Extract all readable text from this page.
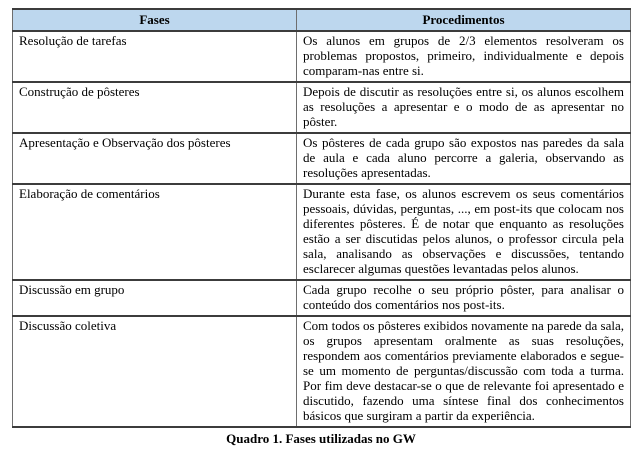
Fases	Procedimentos
Resolução de tarefas	Os alunos em grupos de 2/3 elementos resolveram os problemas propostos, primeiro, individualmente e depois comparam-nas entre si.
Construção de pôsteres	Depois de discutir as resoluções entre si, os alunos escolhem as resoluções a apresentar e o modo de as apresentar no pôster.
Apresentação e Observação dos pôsteres	Os pôsteres de cada grupo são expostos nas paredes da sala de aula e cada aluno percorre a galeria, observando as resoluções apresentadas.
Elaboração de comentários	Durante esta fase, os alunos escrevem os seus comentários pessoais, dúvidas, perguntas, ..., em post-its que colocam nos diferentes pôsteres. É de notar que enquanto as resoluções estão a ser discutidas pelos alunos, o professor circula pela sala, analisando as observações e discussões, tentando esclarecer algumas questões levantadas pelos alunos.
Discussão em grupo	Cada grupo recolhe o seu próprio pôster, para analisar o conteúdo dos comentários nos post-its.
Discussão coletiva	Com todos os pôsteres exibidos novamente na parede da sala, os grupos apresentam oralmente as suas resoluções, respondem aos comentários previamente elaborados e segue-se um momento de perguntas/discussão com toda a turma. Por fim deve destacar-se o que de relevante foi apresentado e discutido, fazendo uma síntese final dos conhecimentos básicos que surgiram a partir da experiência.
Quadro 1. Fases utilizadas no GW
